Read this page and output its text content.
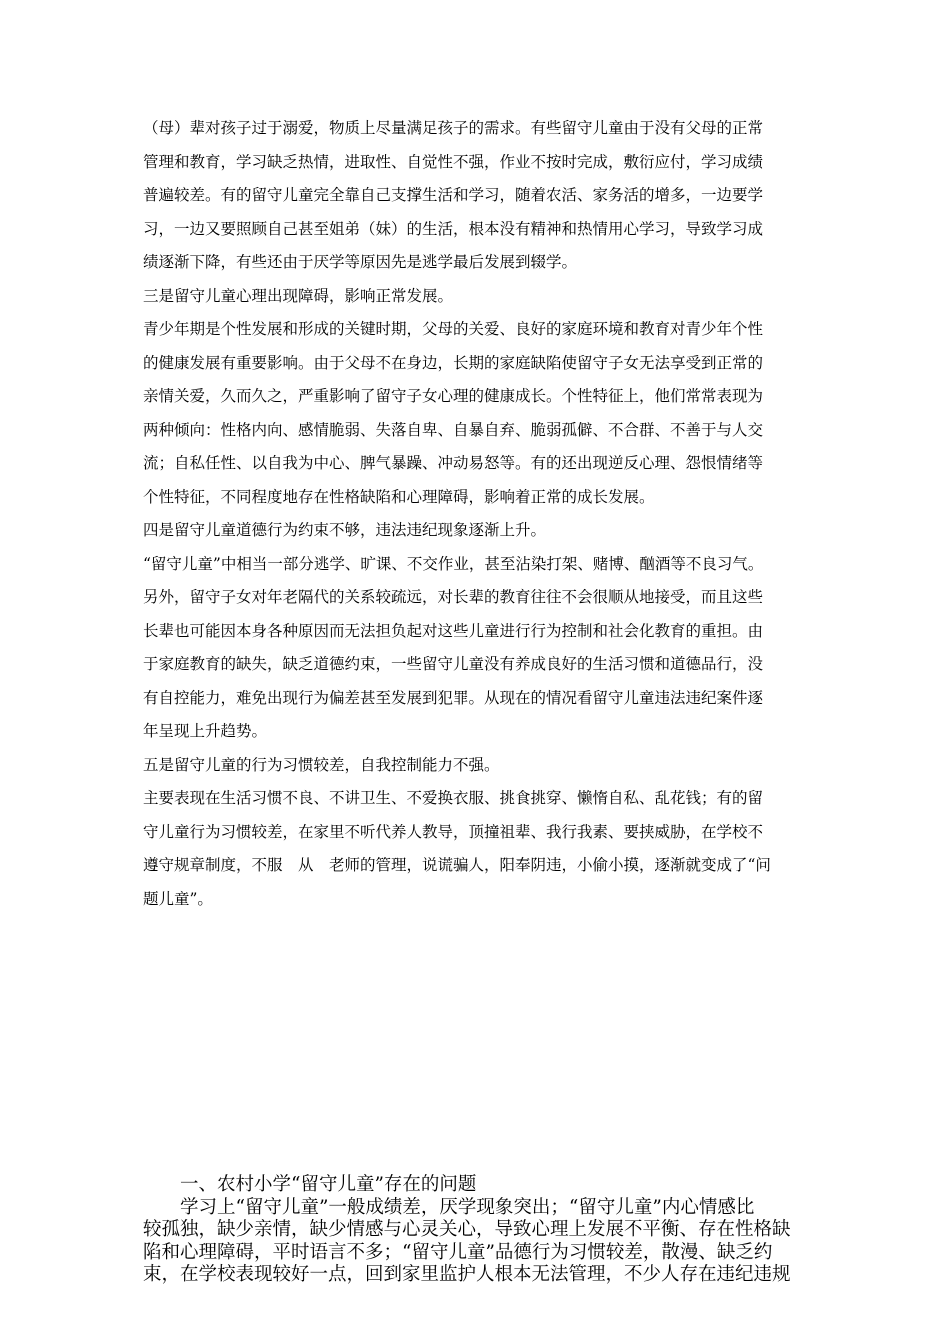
（母）辈对孩子过于溺爱，物质上尽量满足孩子的需求。有些留守儿童由于没有父母的正常
管理和教育，学习缺乏热情，进取性、自觉性不强，作业不按时完成，敷衍应付，学习成绩
普遍较差。有的留守儿童完全靠自己支撑生活和学习，随着农活、家务活的增多，一边要学
习，一边又要照顾自己甚至姐弟（妹）的生活，根本没有精神和热情用心学习，导致学习成
绩逐渐下降，有些还由于厌学等原因先是逃学最后发展到辍学。
三是留守儿童心理出现障碍，影响正常发展。
青少年期是个性发展和形成的关键时期，父母的关爱、良好的家庭环境和教育对青少年个性
的健康发展有重要影响。由于父母不在身边，长期的家庭缺陷使留守子女无法享受到正常的
亲情关爱，久而久之，严重影响了留守子女心理的健康成长。个性特征上，他们常常表现为
两种倾向：性格内向、感情脆弱、失落自卑、自暴自弃、脆弱孤僻、不合群、不善于与人交
流；自私任性、以自我为中心、脾气暴躁、冲动易怒等。有的还出现逆反心理、怨恨情绪等
个性特征，不同程度地存在性格缺陷和心理障碍，影响着正常的成长发展。
四是留守儿童道德行为约束不够，违法违纪现象逐渐上升。
“留守儿童”中相当一部分逃学、旷课、不交作业，甚至沾染打架、赌博、酗酒等不良习气。
另外，留守子女对年老隔代的关系较疏远，对长辈的教育往往不会很顺从地接受，而且这些
长辈也可能因本身各种原因而无法担负起对这些儿童进行行为控制和社会化教育的重担。由
于家庭教育的缺失，缺乏道德约束，一些留守儿童没有养成良好的生活习惯和道德品行，没
有自控能力，难免出现行为偏差甚至发展到犯罪。从现在的情况看留守儿童违法违纪案件逐
年呈现上升趋势。
五是留守儿童的行为习惯较差，自我控制能力不强。
主要表现在生活习惯不良、不讲卫生、不爱换衣服、挑食挑穿、懒惰自私、乱花钱；有的留
守儿童行为习惯较差，在家里不听代养人教导，顶撞祖辈、我行我素、要挟威胁，在学校不
遵守规章制度，不服　从　老师的管理，说谎骗人，阳奉阴违，小偷小摸，逐渐就变成了“问
题儿童”。
　　一、农村小学“留守儿童”存在的问题
　　学习上“留守儿童”一般成绩差，厌学现象突出；“留守儿童”内心情感比
较孤独，缺少亲情，缺少情感与心灵关心，导致心理上发展不平衡、存在性格缺
陷和心理障碍，平时语言不多；“留守儿童”品德行为习惯较差，散漫、缺乏约
束，在学校表现较好一点，回到家里监护人根本无法管理，不少人存在违纪违规
